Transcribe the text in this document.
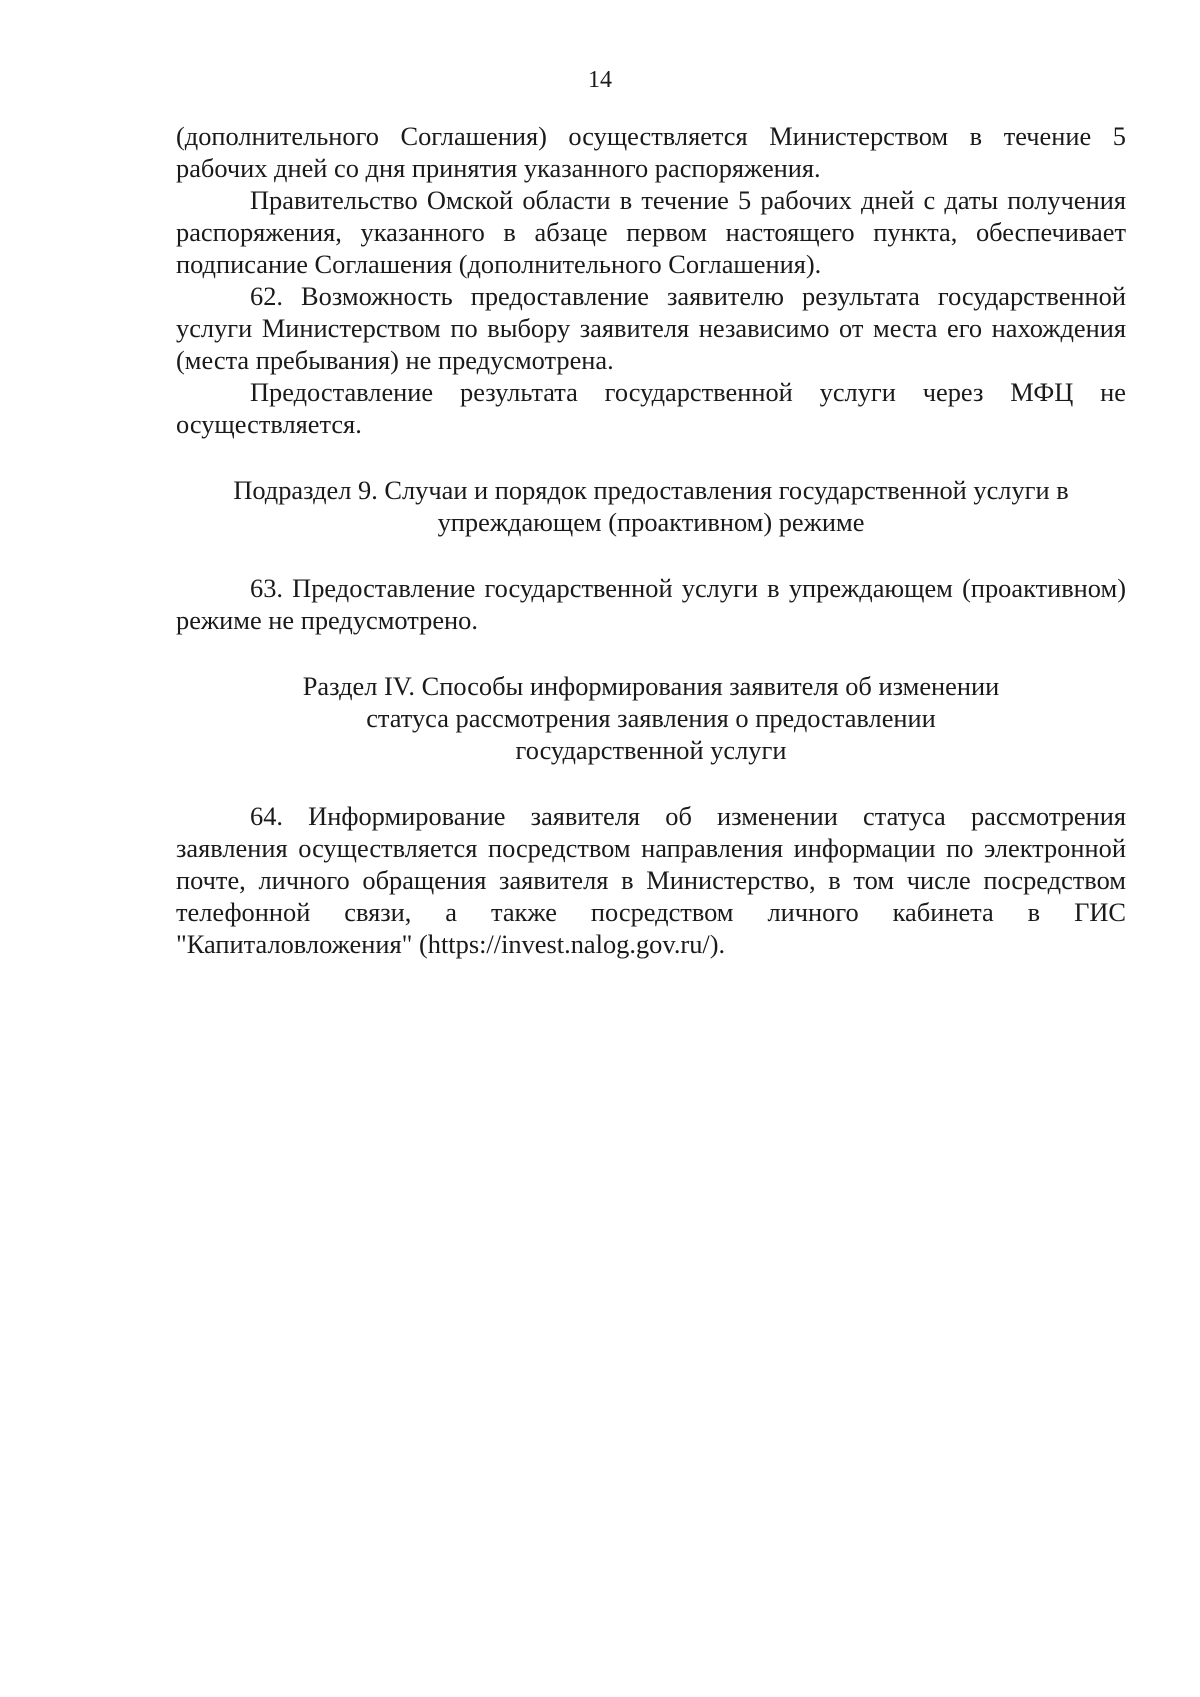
14

(дополнительного Соглашения) осуществляется Министерством в течение 5 рабочих дней со дня принятия указанного распоряжения.

Правительство Омской области в течение 5 рабочих дней с даты получения распоряжения, указанного в абзаце первом настоящего пункта, обеспечивает подписание Соглашения (дополнительного Соглашения).

62. Возможность предоставление заявителю результата государственной услуги Министерством по выбору заявителя независимо от места его нахождения (места пребывания) не предусмотрена.

Предоставление результата государственной услуги через МФЦ не осуществляется.

Подраздел 9. Случаи и порядок предоставления государственной услуги в
упреждающем (проактивном) режиме

63. Предоставление государственной услуги в упреждающем (проактивном) режиме не предусмотрено.

Раздел IV. Способы информирования заявителя об изменении
статуса рассмотрения заявления о предоставлении
государственной услуги

64. Информирование заявителя об изменении статуса рассмотрения заявления осуществляется посредством направления информации по электронной почте, личного обращения заявителя в Министерство, в том числе посредством телефонной связи, а также посредством личного кабинета в ГИС "Капиталовложения" (https://invest.nalog.gov.ru/).
